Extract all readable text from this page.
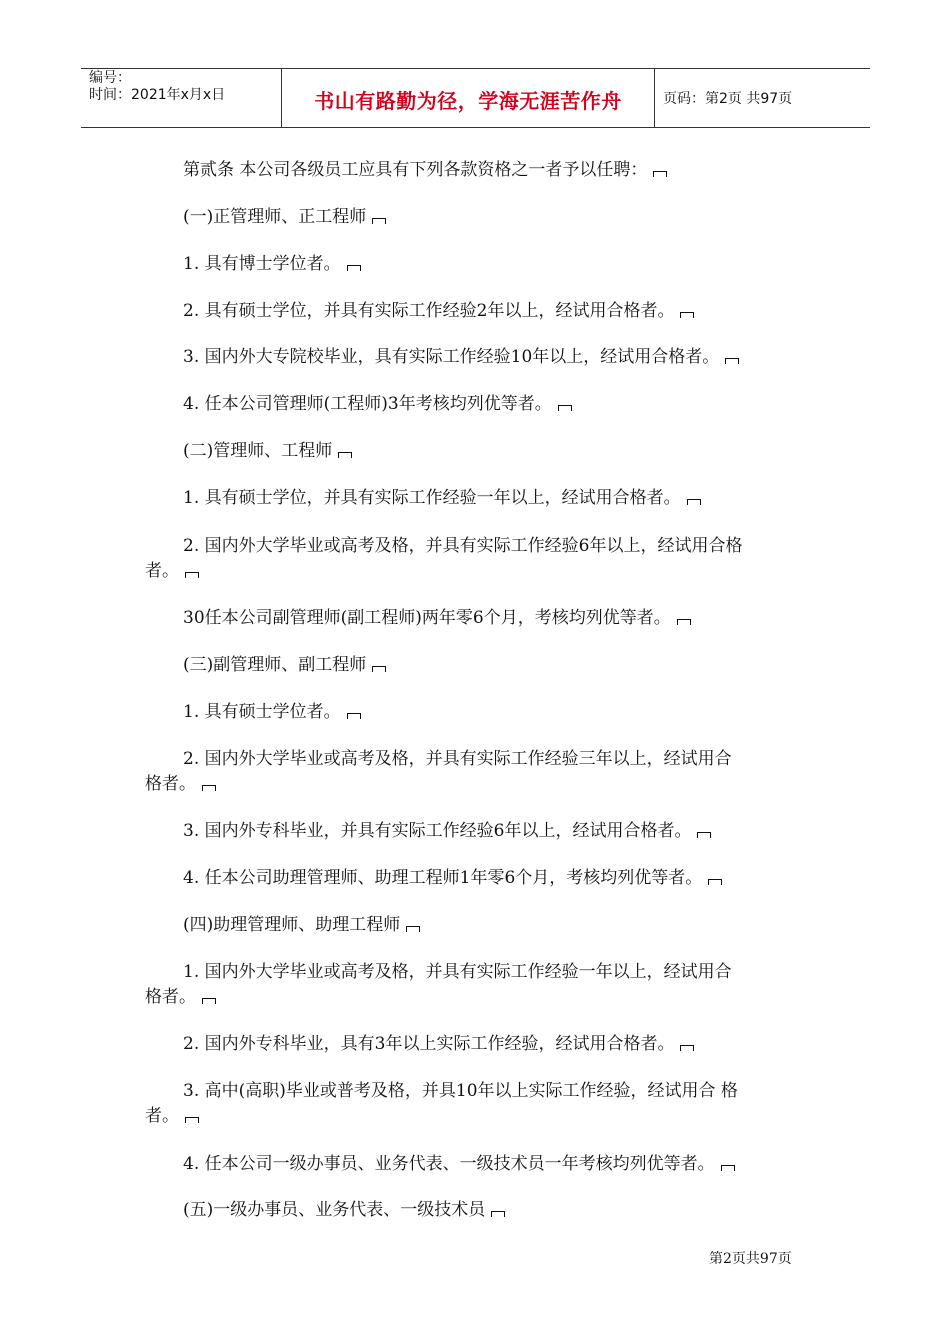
编号：
时间：2021年x月x日	书山有路勤为径，学海无涯苦作舟	页码：第2页 共97页
第贰条 本公司各级员工应具有下列各款资格之一者予以任聘：
(一)正管理师、正工程师
1. 具有博士学位者。
2. 具有硕士学位，并具有实际工作经验2年以上，经试用合格者。
3. 国内外大专院校毕业，具有实际工作经验10年以上，经试用合格者。
4. 任本公司管理师(工程师)3年考核均列优等者。
(二)管理师、工程师
1. 具有硕士学位，并具有实际工作经验一年以上，经试用合格者。
2. 国内外大学毕业或高考及格，并具有实际工作经验6年以上，经试用合格
者。
30任本公司副管理师(副工程师)两年零6个月，考核均列优等者。
(三)副管理师、副工程师
1. 具有硕士学位者。
2. 国内外大学毕业或高考及格，并具有实际工作经验三年以上，经试用合
格者。
3. 国内外专科毕业，并具有实际工作经验6年以上，经试用合格者。
4. 任本公司助理管理师、助理工程师1年零6个月，考核均列优等者。
(四)助理管理师、助理工程师
1. 国内外大学毕业或高考及格，并具有实际工作经验一年以上，经试用合
格者。
2. 国内外专科毕业，具有3年以上实际工作经验，经试用合格者。
3. 高中(高职)毕业或普考及格，并具10年以上实际工作经验，经试用合 格
者。
4. 任本公司一级办事员、业务代表、一级技术员一年考核均列优等者。
(五)一级办事员、业务代表、一级技术员
第2页共97页
